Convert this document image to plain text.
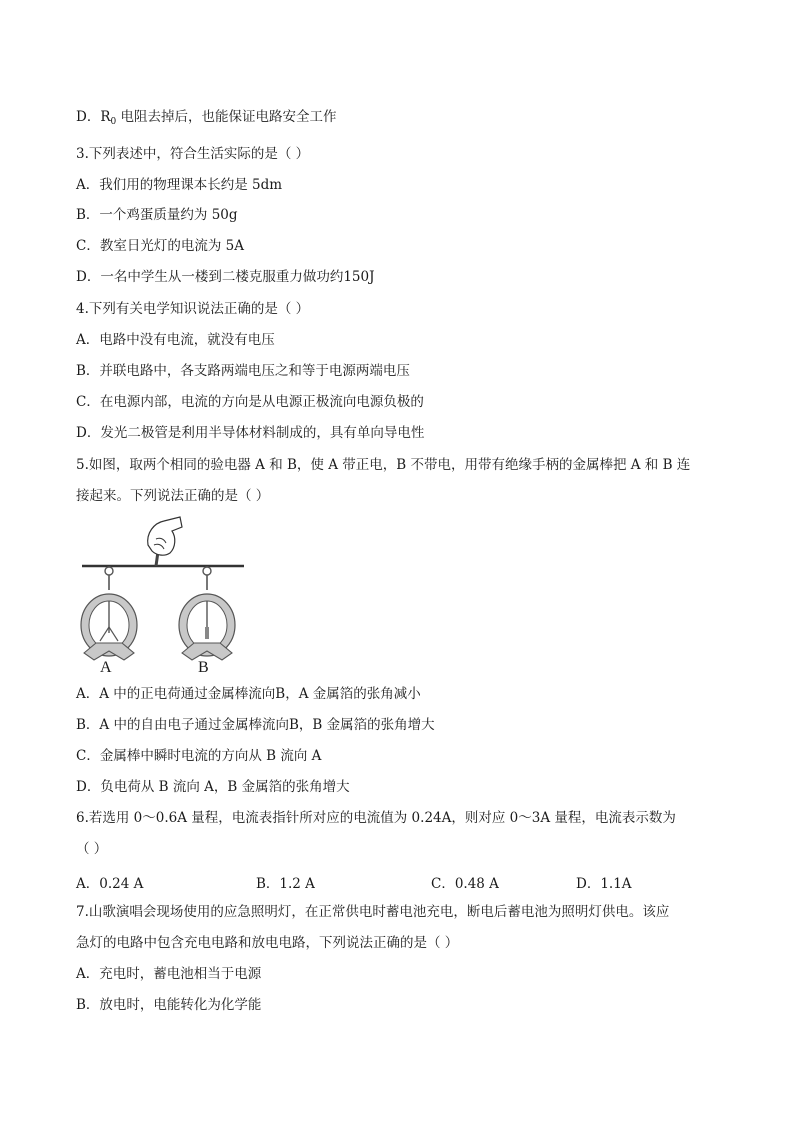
D．$R_0$ 电阻去掉后，也能保证电路安全工作
3.下列表述中，符合生活实际的是（ ）
A．我们用的物理课本长约是 5dm
B．一个鸡蛋质量约为 50g
C．教室日光灯的电流为 5A
D．一名中学生从一楼到二楼克服重力做功约150J
4.下列有关电学知识说法正确的是（ ）
A．电路中没有电流，就没有电压
B．并联电路中，各支路两端电压之和等于电源两端电压
C．在电源内部，电流的方向是从电源正极流向电源负极的
D．发光二极管是利用半导体材料制成的，具有单向导电性
5.如图，取两个相同的验电器 A 和 B，使 A 带正电，B 不带电，用带有绝缘手柄的金属棒把 A 和 B 连
接起来。下列说法正确的是（ ）
A	B
A．A 中的正电荷通过金属棒流向B，A 金属箔的张角减小
B．A 中的自由电子通过金属棒流向B，B 金属箔的张角增大
C．金属棒中瞬时电流的方向从 B 流向 A
D．负电荷从 B 流向 A，B 金属箔的张角增大
6.若选用 0～0.6A 量程，电流表指针所对应的电流值为 0.24A，则对应 0～3A 量程，电流表示数为
（ ）
A．0.24 A	B．1.2 A	C．0.48 A	D．1.1A
7.山歌演唱会现场使用的应急照明灯，在正常供电时蓄电池充电，断电后蓄电池为照明灯供电。该应
急灯的电路中包含充电电路和放电电路，下列说法正确的是（ ）
A．充电时，蓄电池相当于电源
B．放电时，电能转化为化学能
